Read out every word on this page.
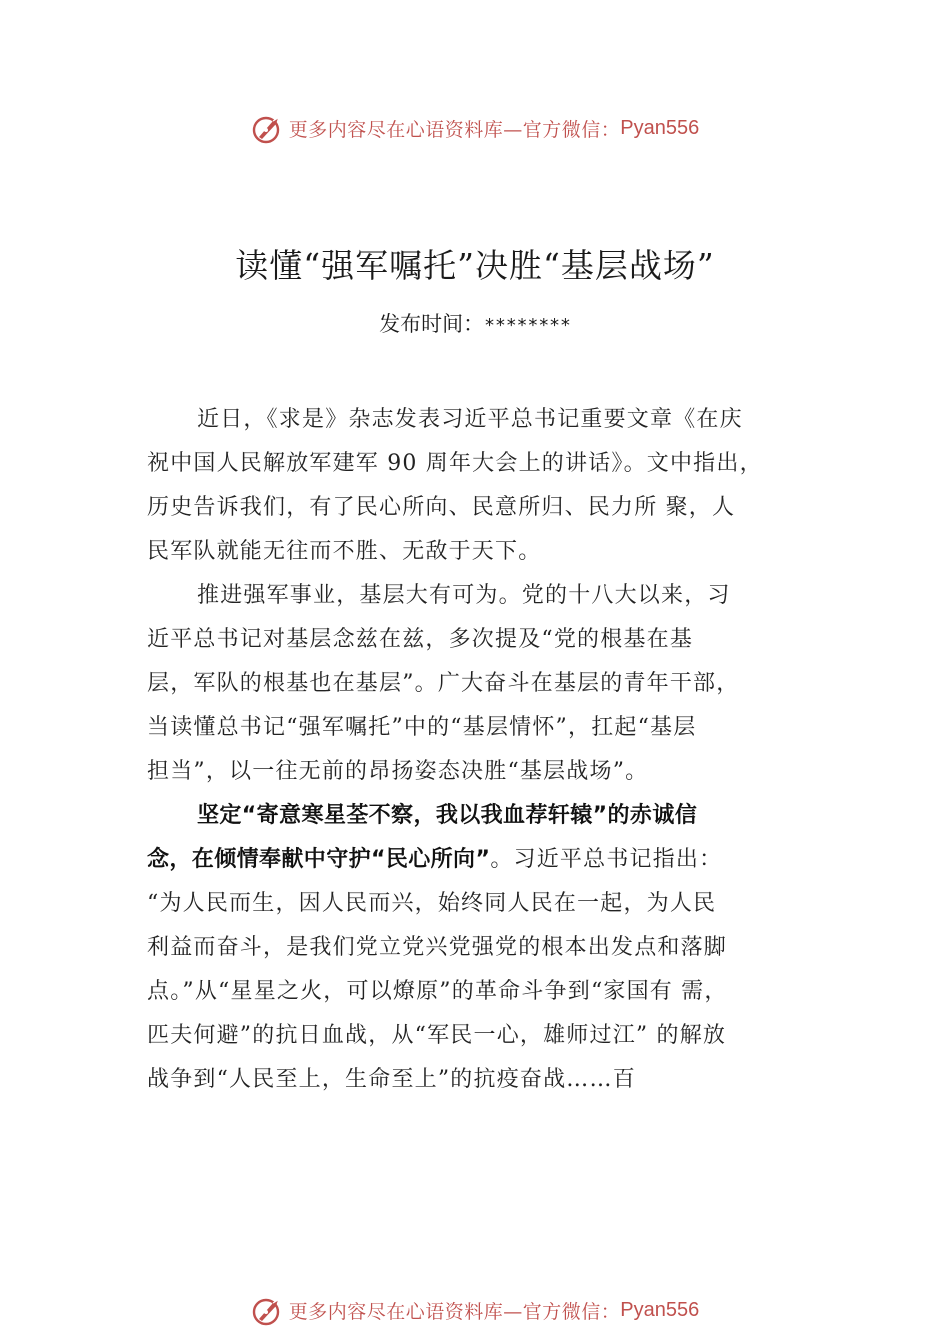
更多内容尽在心语资料库—官方微信： Pyan556
读懂“强军嘱托”决胜“基层战场”
发布时间：********

近日，《求是》杂志发表习近平总书记重要文章《在庆

祝中国人民解放军建军 90 周年大会上的讲话》。文中指出，

历史告诉我们，有了民心所向、民意所归、民力所 聚，人

民军队就能无往而不胜、无敌于天下。

推进强军事业，基层大有可为。党的十八大以来，习

近平总书记对基层念兹在兹，多次提及“党的根基在基

层，军队的根基也在基层”。广大奋斗在基层的青年干部，

当读懂总书记“强军嘱托”中的“基层情怀”，扛起“基层

担当”，以一往无前的昂扬姿态决胜“基层战场”。

坚定“寄意寒星荃不察，我以我血荐轩辕”的赤诚信

念，在倾情奉献中守护“民心所向”。习近平总书记指出：

“为人民而生，因人民而兴，始终同人民在一起，为人民

利益而奋斗，是我们党立党兴党强党的根本出发点和落脚

点。”从“星星之火，可以燎原”的革命斗争到“家国有 需，

匹夫何避”的抗日血战，从“军民一心，雄师过江” 的解放

战争到“人民至上，生命至上”的抗疫奋战……百

更多内容尽在心语资料库—官方微信： Pyan556
